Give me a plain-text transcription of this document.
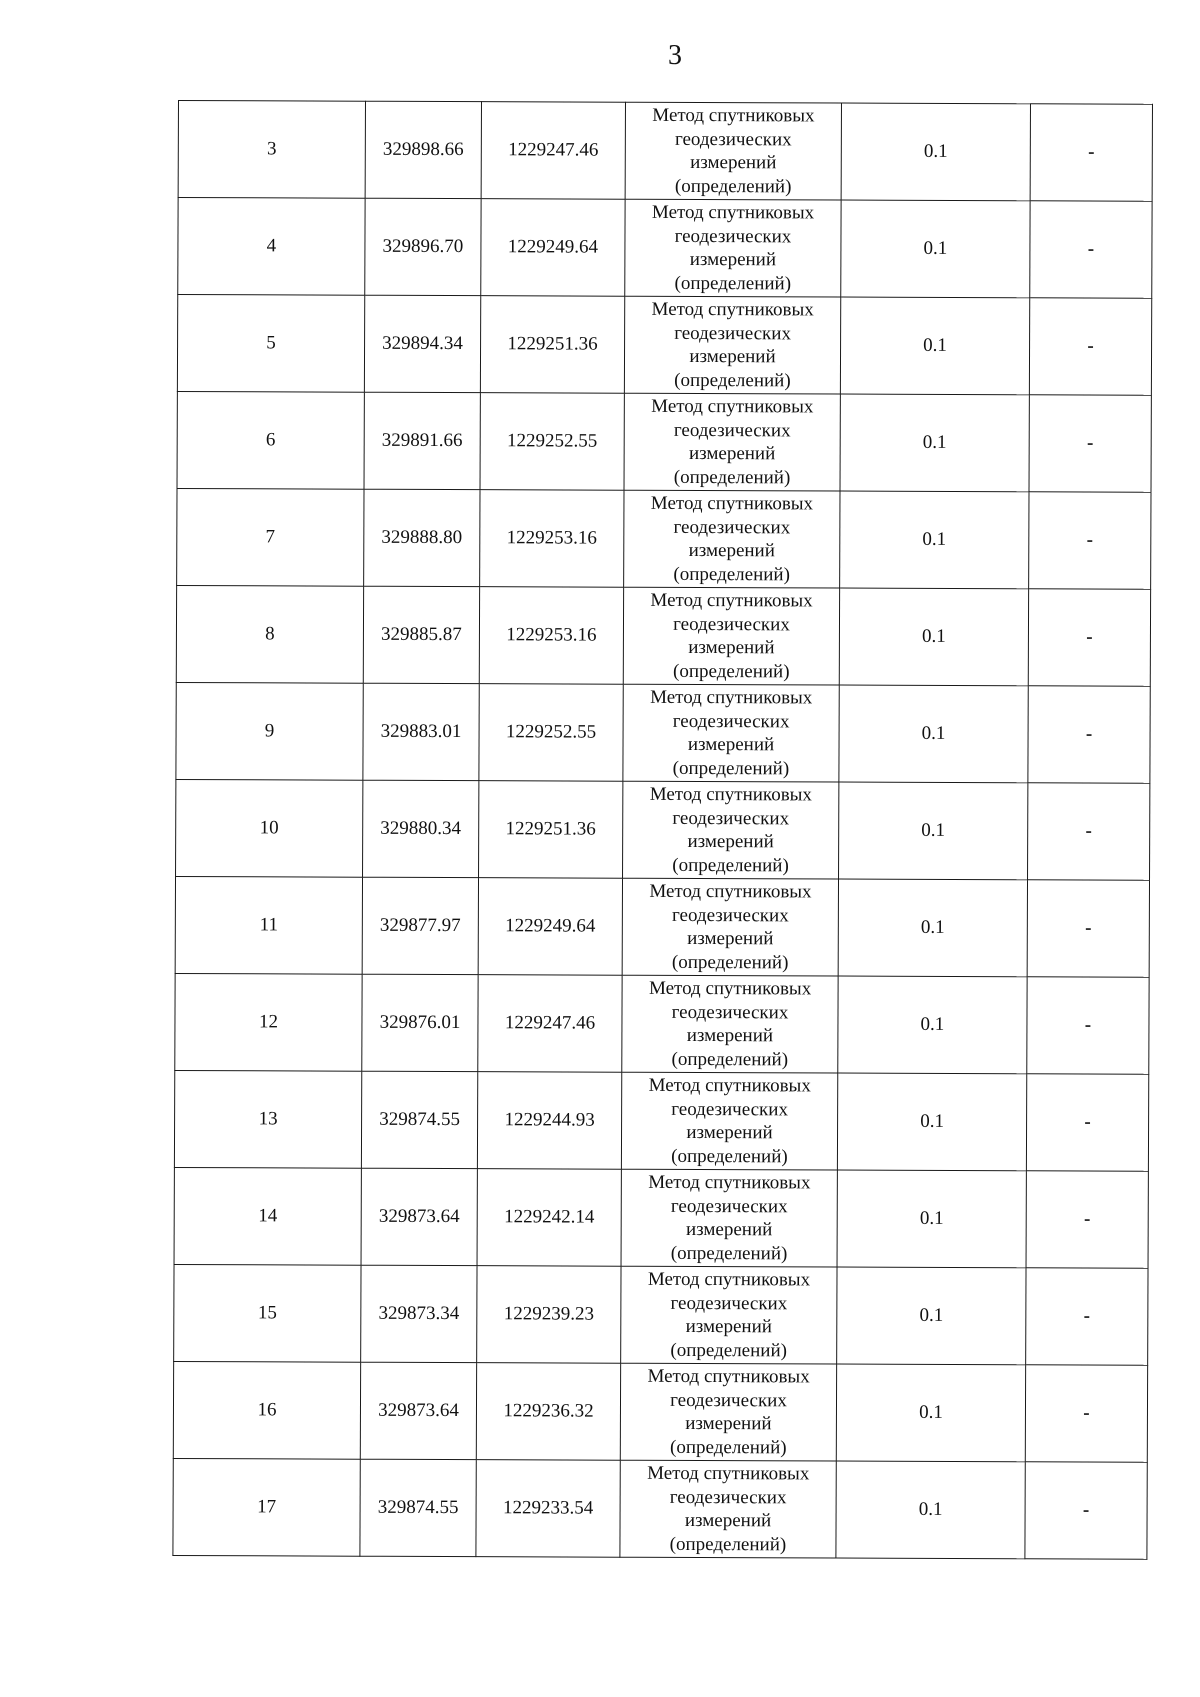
3
3	329898.66	1229247.46	Метод спутниковых
геодезических
измерений
(определений)	0.1	-
4	329896.70	1229249.64	Метод спутниковых
геодезических
измерений
(определений)	0.1	-
5	329894.34	1229251.36	Метод спутниковых
геодезических
измерений
(определений)	0.1	-
6	329891.66	1229252.55	Метод спутниковых
геодезических
измерений
(определений)	0.1	-
7	329888.80	1229253.16	Метод спутниковых
геодезических
измерений
(определений)	0.1	-
8	329885.87	1229253.16	Метод спутниковых
геодезических
измерений
(определений)	0.1	-
9	329883.01	1229252.55	Метод спутниковых
геодезических
измерений
(определений)	0.1	-
10	329880.34	1229251.36	Метод спутниковых
геодезических
измерений
(определений)	0.1	-
11	329877.97	1229249.64	Метод спутниковых
геодезических
измерений
(определений)	0.1	-
12	329876.01	1229247.46	Метод спутниковых
геодезических
измерений
(определений)	0.1	-
13	329874.55	1229244.93	Метод спутниковых
геодезических
измерений
(определений)	0.1	-
14	329873.64	1229242.14	Метод спутниковых
геодезических
измерений
(определений)	0.1	-
15	329873.34	1229239.23	Метод спутниковых
геодезических
измерений
(определений)	0.1	-
16	329873.64	1229236.32	Метод спутниковых
геодезических
измерений
(определений)	0.1	-
17	329874.55	1229233.54	Метод спутниковых
геодезических
измерений
(определений)	0.1	-
